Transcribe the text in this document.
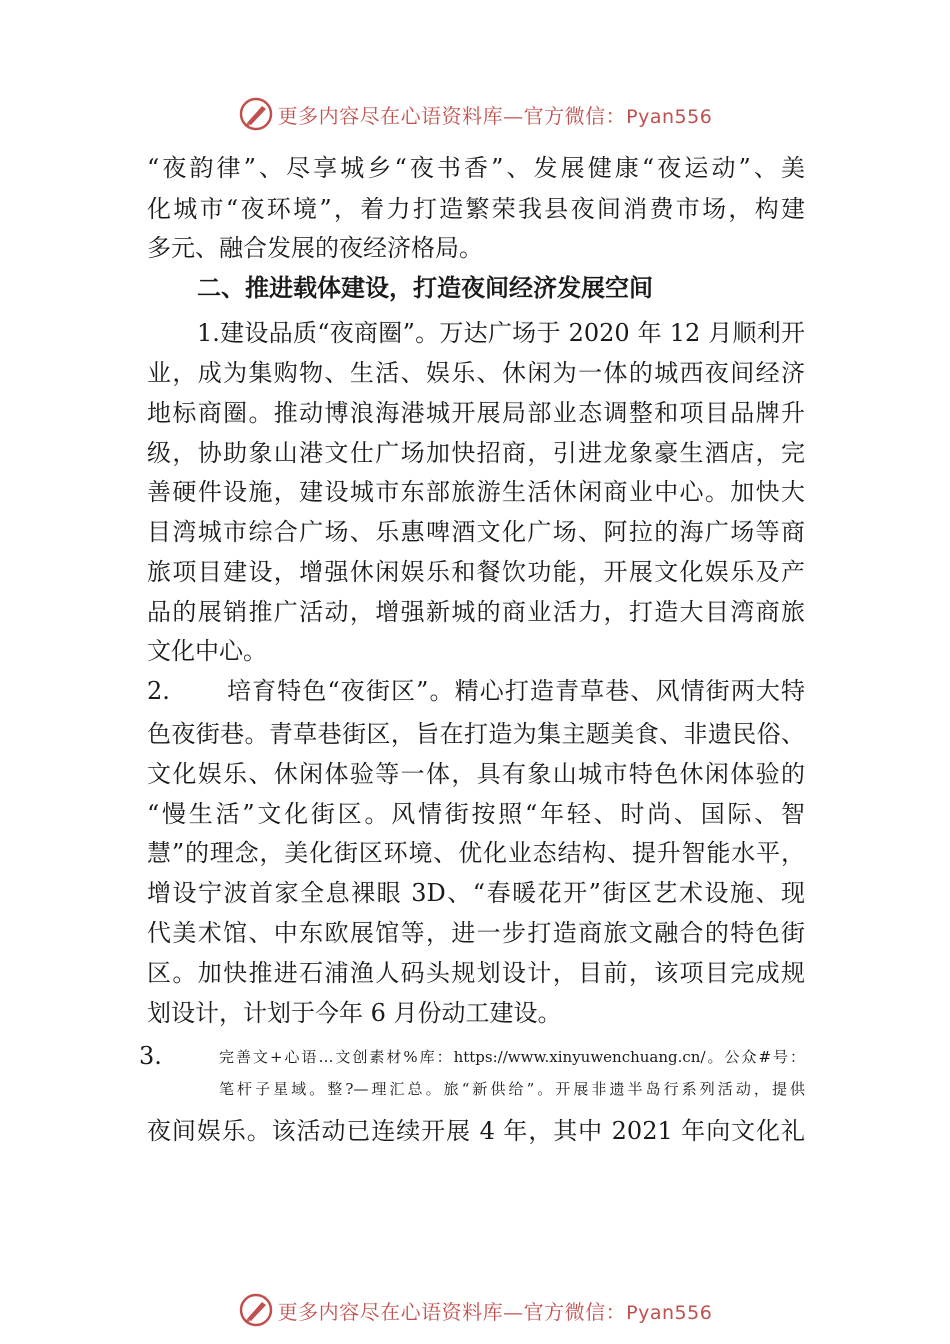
更多内容尽在心语资料库—官方微信：Pyan556
“夜韵律”、尽享城乡“夜书香”、发展健康“夜运动”、美
化城市“夜环境”，着力打造繁荣我县夜间消费市场，构建
多元、融合发展的夜经济格局。
二、推进载体建设，打造夜间经济发展空间
1.建设品质“夜商圈”。万达广场于 2020 年 12 月顺利开
业，成为集购物、生活、娱乐、休闲为一体的城西夜间经济
地标商圈。推动博浪海港城开展局部业态调整和项目品牌升
级，协助象山港文仕广场加快招商，引进龙象豪生酒店，完
善硬件设施，建设城市东部旅游生活休闲商业中心。加快大
目湾城市综合广场、乐惠啤酒文化广场、阿拉的海广场等商
旅项目建设，增强休闲娱乐和餐饮功能，开展文化娱乐及产
品的展销推广活动，增强新城的商业活力，打造大目湾商旅
文化中心。
2. 培育特色“夜街区”。精心打造青草巷、风情街两大特
色夜街巷。青草巷街区，旨在打造为集主题美食、非遗民俗、
文化娱乐、休闲体验等一体，具有象山城市特色休闲体验的
“慢生活”文化街区。风情街按照“年轻、时尚、国际、智
慧”的理念，美化街区环境、优化业态结构、提升智能水平，
增设宁波首家全息裸眼 3D、“春暖花开”街区艺术设施、现
代美术馆、中东欧展馆等，进一步打造商旅文融合的特色街
区。加快推进石浦渔人码头规划设计，目前，该项目完成规
划设计，计划于今年 6 月份动工建设。
3.	完善文+心语…文创素材%库：https://www.xinyuwenchuang.cn/。公众#号：
笔杆子星域。整?—理汇总。旅“新供给”。开展非遗半岛行系列活动，提供
夜间娱乐。该活动已连续开展 4 年，其中 2021 年向文化礼
更多内容尽在心语资料库—官方微信：Pyan556
